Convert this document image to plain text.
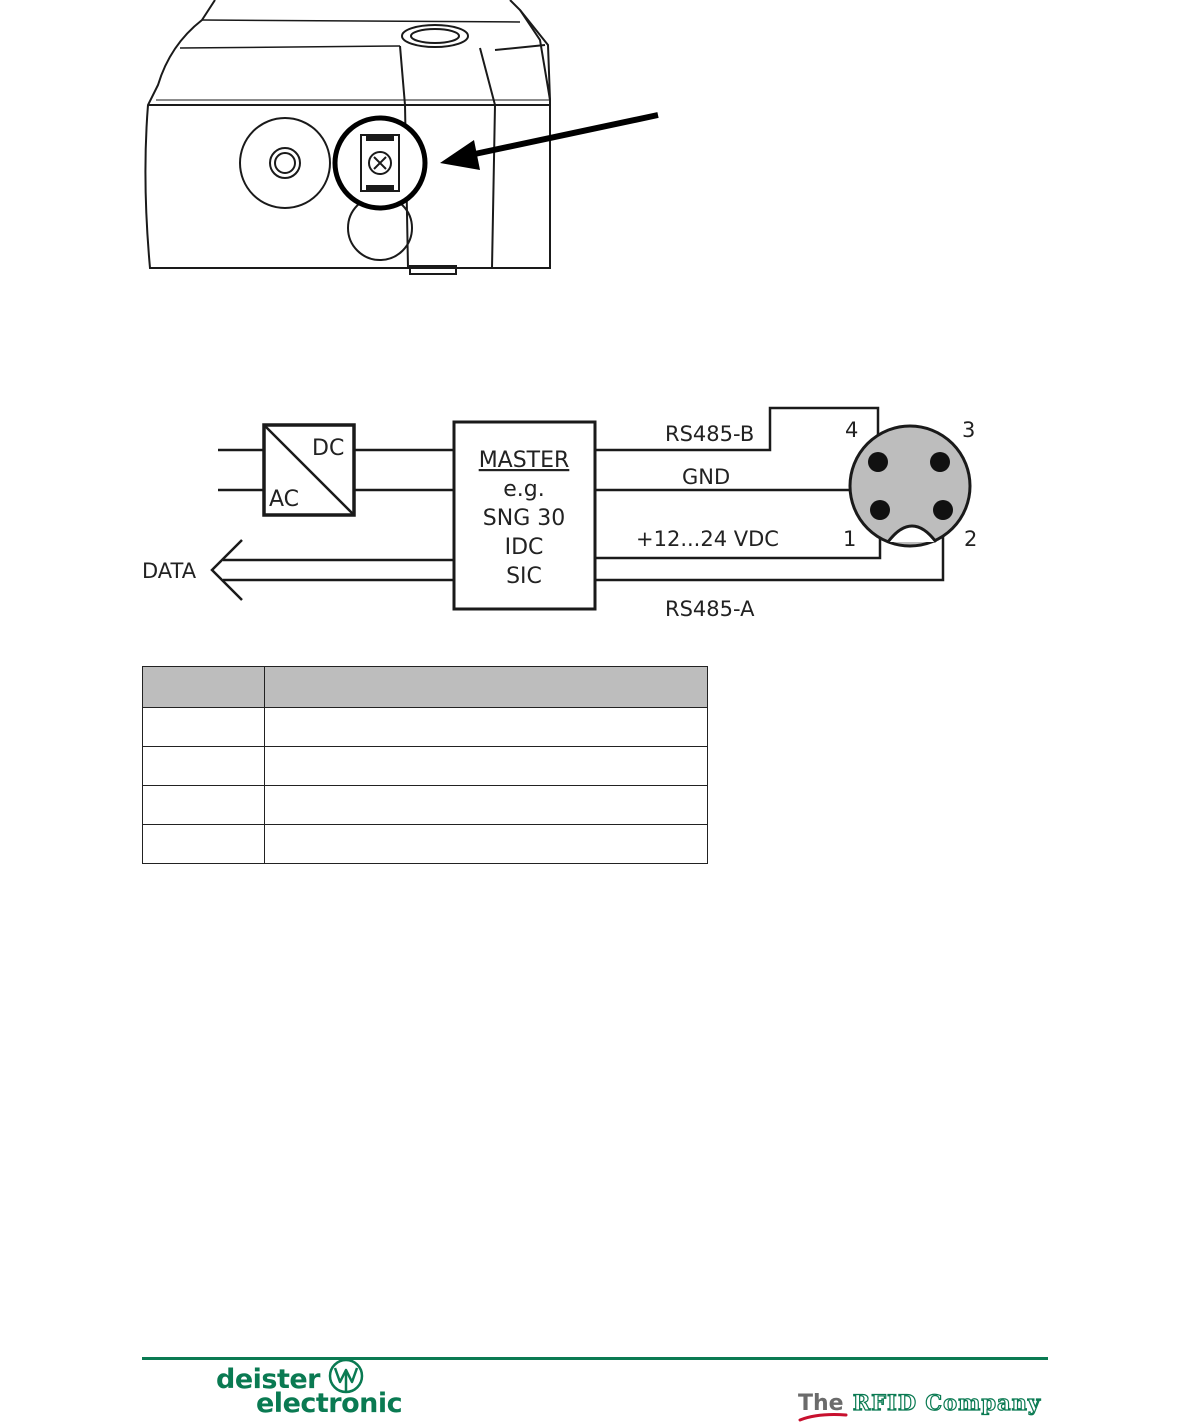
DC
AC
DATA
MASTER
e.g.
SNG 30
IDC
SIC
RS485-B
GND
+12...24 VDC
RS485-A
4	3
1	2

deister
electronic	The RFID Company
